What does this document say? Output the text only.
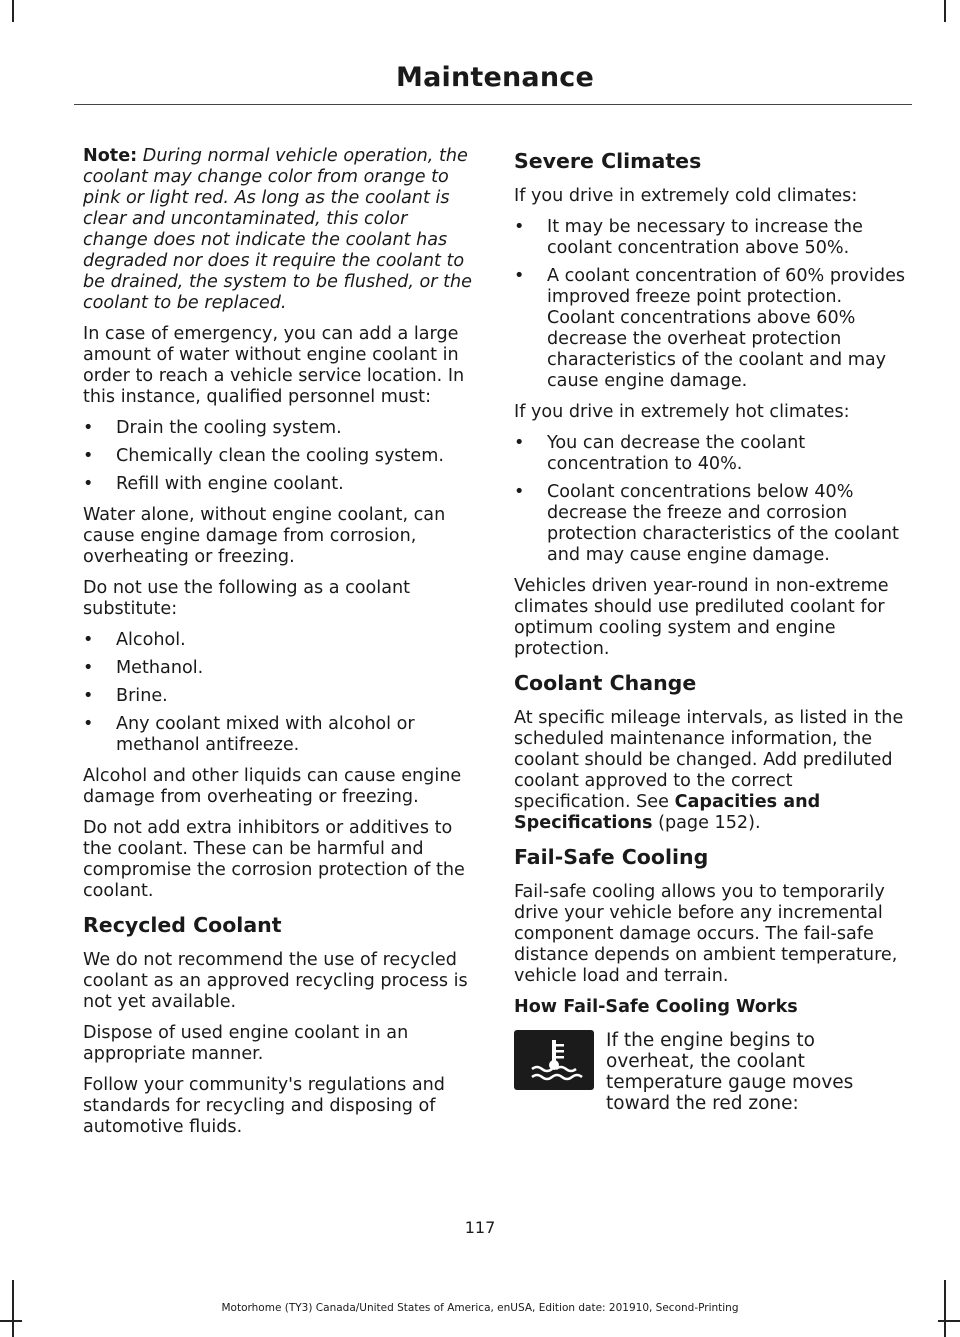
Maintenance

Note: During normal vehicle operation, the coolant may change color from orange to pink or light red. As long as the coolant is clear and uncontaminated, this color change does not indicate the coolant has degraded nor does it require the coolant to be drained, the system to be flushed, or the coolant to be replaced.

In case of emergency, you can add a large amount of water without engine coolant in order to reach a vehicle service location. In this instance, qualified personnel must:

• Drain the cooling system.
• Chemically clean the cooling system.
• Refill with engine coolant.

Water alone, without engine coolant, can cause engine damage from corrosion, overheating or freezing.

Do not use the following as a coolant substitute:

• Alcohol.
• Methanol.
• Brine.
• Any coolant mixed with alcohol or methanol antifreeze.

Alcohol and other liquids can cause engine damage from overheating or freezing.

Do not add extra inhibitors or additives to the coolant. These can be harmful and compromise the corrosion protection of the coolant.

Recycled Coolant

We do not recommend the use of recycled coolant as an approved recycling process is not yet available.

Dispose of used engine coolant in an appropriate manner.

Follow your community's regulations and standards for recycling and disposing of automotive fluids.

Severe Climates

If you drive in extremely cold climates:

• It may be necessary to increase the coolant concentration above 50%.
• A coolant concentration of 60% provides improved freeze point protection. Coolant concentrations above 60% decrease the overheat protection characteristics of the coolant and may cause engine damage.

If you drive in extremely hot climates:

• You can decrease the coolant concentration to 40%.
• Coolant concentrations below 40% decrease the freeze and corrosion protection characteristics of the coolant and may cause engine damage.

Vehicles driven year-round in non-extreme climates should use prediluted coolant for optimum cooling system and engine protection.

Coolant Change

At specific mileage intervals, as listed in the scheduled maintenance information, the coolant should be changed. Add prediluted coolant approved to the correct specification. See Capacities and Specifications (page 152).

Fail-Safe Cooling

Fail-safe cooling allows you to temporarily drive your vehicle before any incremental component damage occurs. The fail-safe distance depends on ambient temperature, vehicle load and terrain.

How Fail-Safe Cooling Works
If the engine begins to overheat, the coolant temperature gauge moves toward the red zone:
117
Motorhome (TY3) Canada/United States of America, enUSA, Edition date: 201910, Second-Printing
